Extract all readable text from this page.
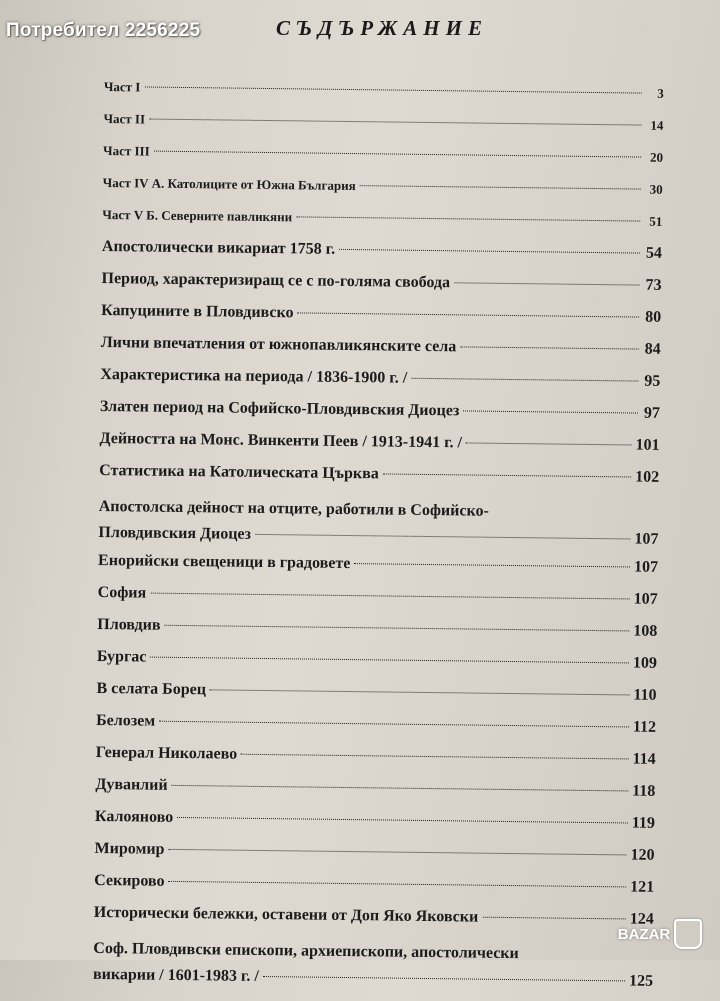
Потребител 2256225	СЪДЪРЖАНИЕ
Част I	3
Част II	14
Част III	20
Част IV А. Католиците от Южна България	30
Част V Б. Северните павликяни	51
Апостолически викариат 1758 г.	54
Период, характеризиращ се с по-голяма свобода	73
Капуцините в Пловдивско	80
Лични впечатления от южнопавликянските села	84
Характеристика на периода / 1836-1900 г. /	95
Златен период на Софийско-Пловдивския Диоцез	97
Дейността на Монс. Винкенти Пеев / 1913-1941 г. /	101
Статистика на Католическата Църква	102
Апостолска дейност на отците, работили в Софийско-
Пловдивския Диоцез	107
Енорийски свещеници в градовете	107
София	107
Пловдив	108
Бургас	109
В селата Борец	110
Белозем	112
Генерал Николаево	114
Дуванлий	118
Калояново	119
Миромир	120
Секирово	121
Исторически бележки, оставени от Доп Яко Яковски	124
Соф. Пловдивски епископи, архиепископи, апостолически
викарии / 1601-1983 г. /	125
BAZAR
